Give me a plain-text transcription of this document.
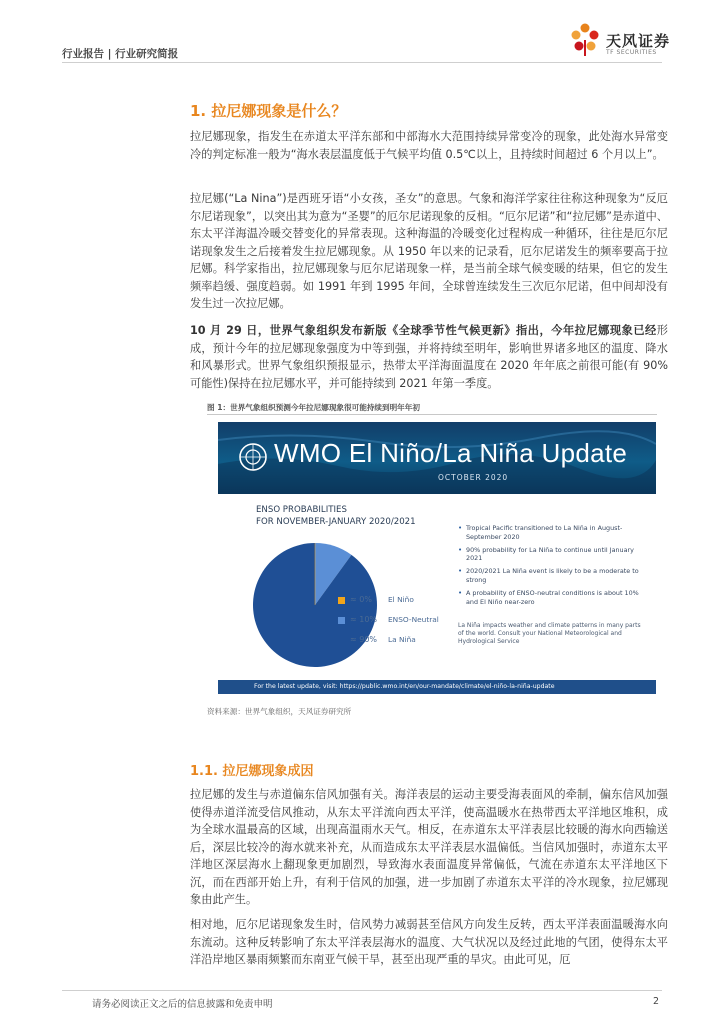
行业报告 | 行业研究简报
天风证券
TF SECURITIES
1. 拉尼娜现象是什么？

拉尼娜现象，指发生在赤道太平洋东部和中部海水大范围持续异常变冷的现象，此处海水异常变冷的判定标准一般为“海水表层温度低于气候平均值 0.5℃以上，且持续时间超过 6 个月以上”。

拉尼娜(“La Nina”)是西班牙语“小女孩，圣女”的意思。气象和海洋学家往往称这种现象为“反厄尔尼诺现象”，以突出其为意为“圣婴”的厄尔尼诺现象的反相。“厄尔尼诺”和“拉尼娜”是赤道中、东太平洋海温冷暖交替变化的异常表现。这种海温的冷暖变化过程构成一种循环，往往是厄尔尼诺现象发生之后接着发生拉尼娜现象。从 1950 年以来的记录看，厄尔尼诺发生的频率要高于拉尼娜。科学家指出，拉尼娜现象与厄尔尼诺现象一样，是当前全球气候变暖的结果，但它的发生频率趋缓、强度趋弱。如 1991 年到 1995 年间，全球曾连续发生三次厄尔尼诺，但中间却没有发生过一次拉尼娜。

10 月 29 日，世界气象组织发布新版《全球季节性气候更新》指出，今年拉尼娜现象已经形成，预计今年的拉尼娜现象强度为中等到强，并将持续至明年，影响世界诸多地区的温度、降水和风暴形式。世界气象组织预报显示，热带太平洋海面温度在 2020 年年底之前很可能(有 90%可能性)保持在拉尼娜水平，并可能持续到 2021 年第一季度。

图 1：世界气象组织预测今年拉尼娜现象很可能持续到明年年初
WMO El Niño/La Niña Update
OCTOBER 2020
ENSO PROBABILITIES
FOR NOVEMBER-JANUARY 2020/2021
≈ 0% El Niño
≈ 10% ENSO-Neutral
≈ 90% La Niña
• Tropical Pacific transitioned to La Niña in August-September 2020
• 90% probability for La Niña to continue until January 2021
• 2020/2021 La Niña event is likely to be a moderate to strong
• A probability of ENSO-neutral conditions is about 10% and El Niño near-zero
La Niña impacts weather and climate patterns in many parts of the world. Consult your National Meteorological and Hydrological Service
For the latest update, visit: https://public.wmo.int/en/our-mandate/climate/el-niño-la-niña-update
资料来源：世界气象组织，天风证券研究所
1.1. 拉尼娜现象成因

拉尼娜的发生与赤道偏东信风加强有关。海洋表层的运动主要受海表面风的牵制，偏东信风加强使得赤道洋流受信风推动，从东太平洋流向西太平洋，使高温暖水在热带西太平洋地区堆积，成为全球水温最高的区域，出现高温雨水天气。相反，在赤道东太平洋表层比较暖的海水向西输送后，深层比较冷的海水就来补充，从而造成东太平洋表层水温偏低。当信风加强时，赤道东太平洋地区深层海水上翻现象更加剧烈，导致海水表面温度异常偏低，气流在赤道东太平洋地区下沉，而在西部开始上升，有利于信风的加强，进一步加剧了赤道东太平洋的冷水现象，拉尼娜现象由此产生。

相对地，厄尔尼诺现象发生时，信风势力减弱甚至信风方向发生反转，西太平洋表面温暖海水向东流动。这种反转影响了东太平洋表层海水的温度、大气状况以及经过此地的气团，使得东太平洋沿岸地区暴雨频繁而东南亚气候干旱，甚至出现严重的旱灾。由此可见，厄

请务必阅读正文之后的信息披露和免责申明	2
